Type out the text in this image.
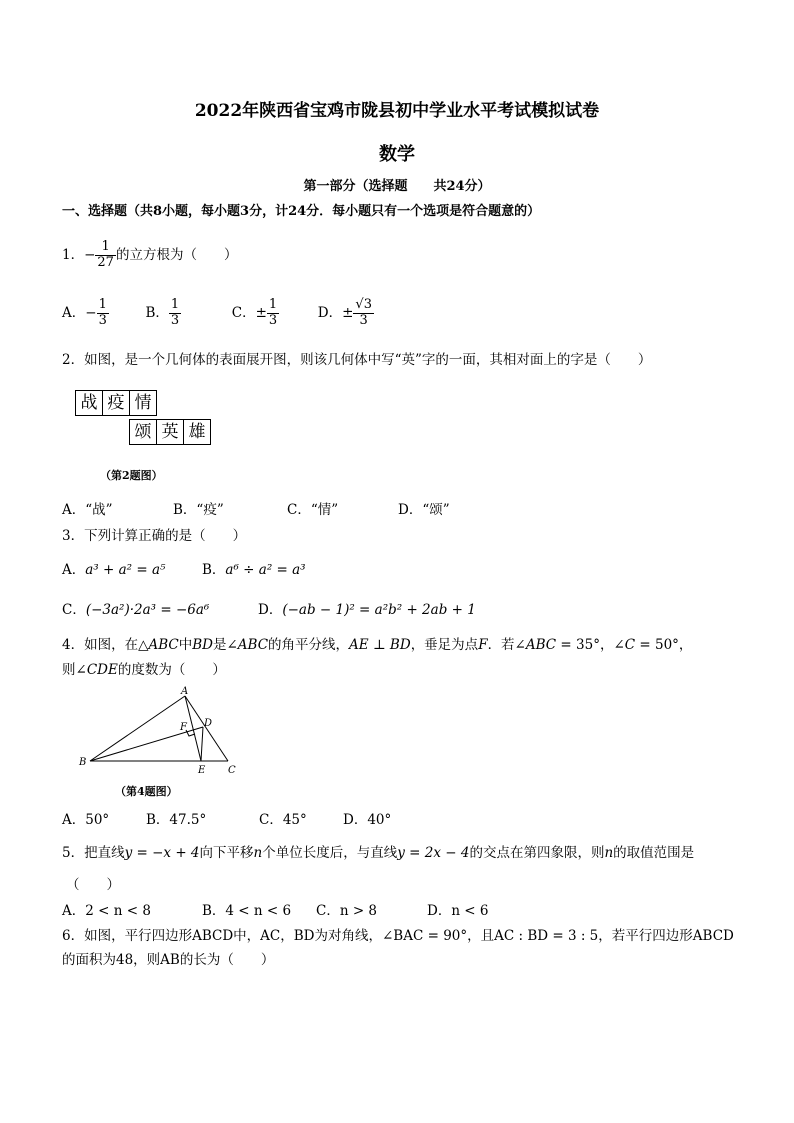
2022年陕西省宝鸡市陇县初中学业水平考试模拟试卷
数学
第一部分（选择题　　共24分）
一、选择题（共8小题，每小题3分，计24分．每小题只有一个选项是符合题意的）
1．− $\frac{1}{27}$ 的立方根为（　　）
A．− $\frac{1}{3}$	B． $\frac{1}{3}$	C．± $\frac{1}{3}$	D．± $\frac{√3}{3}$
2．如图，是一个几何体的表面展开图，则该几何体中写“英”字的一面，其相对面上的字是（　　）
战 疫 情
颂 英 雄
（第2题图）
A．“战”	B．“疫”	C．“情”	D．“颂”
3．下列计算正确的是（　　）
A．a³ + a² = a⁵	B．a⁶ ÷ a² = a³
C．(−3a²)·2a³ = −6a⁶	D．(−ab − 1)² = a²b² + 2ab + 1
4．如图，在△ABC中BD是∠ABC的角平分线，AE ⊥ BD，垂足为点F．若∠ABC = 35°，∠C = 50°，
则∠CDE的度数为（　　）
A
F D
B
E C
（第4题图）
A．50°	B．47.5°	C．45°	D．40°
5．把直线y = −x + 4向下平移n个单位长度后，与直线y = 2x − 4的交点在第四象限，则n的取值范围是
（　　）
A．2 < n < 8	B．4 < n < 6 C．n > 8	D．n < 6
6．如图，平行四边形ABCD中，AC，BD为对角线，∠BAC = 90°，且AC : BD = 3 : 5，若平行四边形ABCD
的面积为48，则AB的长为（　　）
